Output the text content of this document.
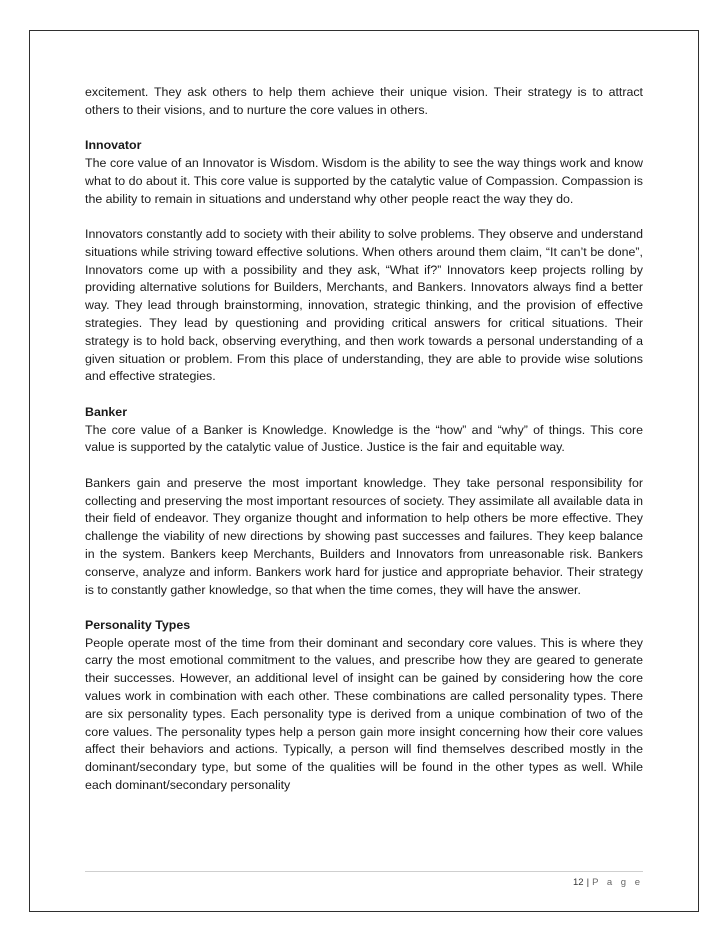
excitement. They ask others to help them achieve their unique vision. Their strategy is to attract others to their visions, and to nurture the core values in others.

Innovator

The core value of an Innovator is Wisdom. Wisdom is the ability to see the way things work and know what to do about it. This core value is supported by the catalytic value of Compassion. Compassion is the ability to remain in situations and understand why other people react the way they do.

Innovators constantly add to society with their ability to solve problems. They observe and understand situations while striving toward effective solutions. When others around them claim, “It can’t be done”, Innovators come up with a possibility and they ask, “What if?” Innovators keep projects rolling by providing alternative solutions for Builders, Merchants, and Bankers. Innovators always find a better way. They lead through brainstorming, innovation, strategic thinking, and the provision of effective strategies. They lead by questioning and providing critical answers for critical situations. Their strategy is to hold back, observing everything, and then work towards a personal understanding of a given situation or problem. From this place of understanding, they are able to provide wise solutions and effective strategies.

Banker

The core value of a Banker is Knowledge. Knowledge is the “how” and “why” of things. This core value is supported by the catalytic value of Justice. Justice is the fair and equitable way.

Bankers gain and preserve the most important knowledge. They take personal responsibility for collecting and preserving the most important resources of society. They assimilate all available data in their field of endeavor. They organize thought and information to help others be more effective. They challenge the viability of new directions by showing past successes and failures. They keep balance in the system. Bankers keep Merchants, Builders and Innovators from unreasonable risk. Bankers conserve, analyze and inform. Bankers work hard for justice and appropriate behavior. Their strategy is to constantly gather knowledge, so that when the time comes, they will have the answer.

Personality Types

People operate most of the time from their dominant and secondary core values. This is where they carry the most emotional commitment to the values, and prescribe how they are geared to generate their successes. However, an additional level of insight can be gained by considering how the core values work in combination with each other. These combinations are called personality types. There are six personality types. Each personality type is derived from a unique combination of two of the core values. The personality types help a person gain more insight concerning how their core values affect their behaviors and actions. Typically, a person will find themselves described mostly in the dominant/secondary type, but some of the qualities will be found in the other types as well. While each dominant/secondary personality

12 | P a g e
